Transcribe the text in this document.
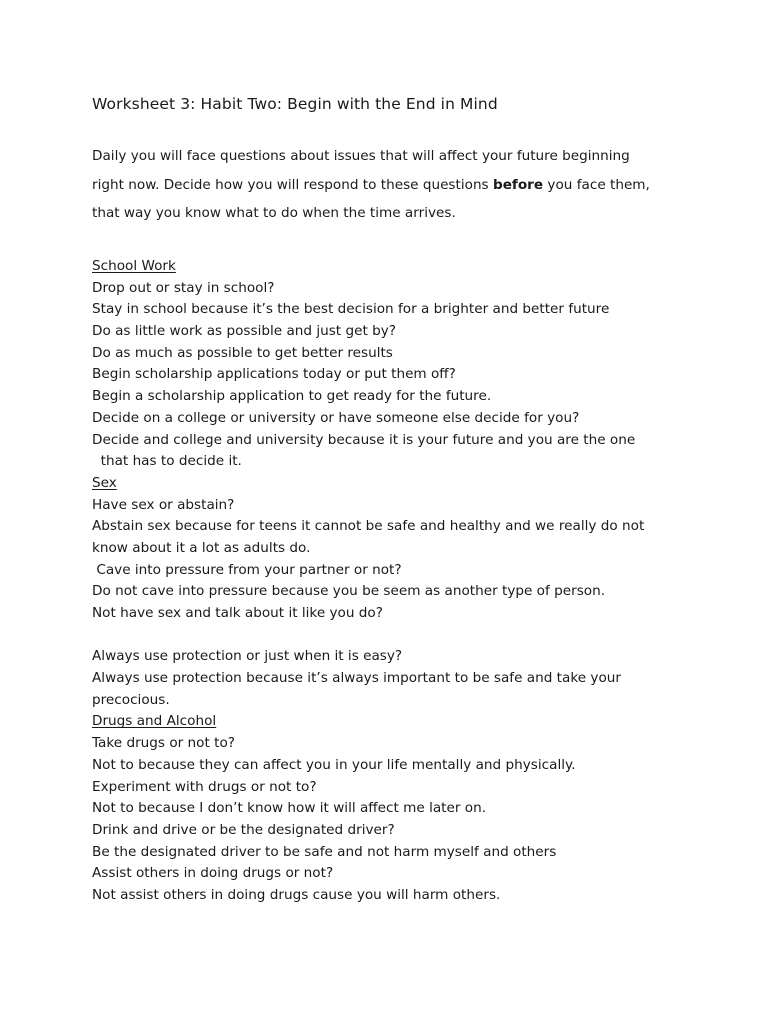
Worksheet 3: Habit Two: Begin with the End in Mind
Daily you will face questions about issues that will affect your future beginning
right now. Decide how you will respond to these questions before you face them,
that way you know what to do when the time arrives.
School Work
Drop out or stay in school?
Stay in school because it’s the best decision for a brighter and better future
Do as little work as possible and just get by?
Do as much as possible to get better results
Begin scholarship applications today or put them off?
Begin a scholarship application to get ready for the future.
Decide on a college or university or have someone else decide for you?
Decide and college and university because it is your future and you are the one
that has to decide it.
Sex
Have sex or abstain?
Abstain sex because for teens it cannot be safe and healthy and we really do not
know about it a lot as adults do.
Cave into pressure from your partner or not?
Do not cave into pressure because you be seem as another type of person.
Not have sex and talk about it like you do?
Always use protection or just when it is easy?
Always use protection because it’s always important to be safe and take your
precocious.
Drugs and Alcohol
Take drugs or not to?
Not to because they can affect you in your life mentally and physically.
Experiment with drugs or not to?
Not to because I don’t know how it will affect me later on.
Drink and drive or be the designated driver?
Be the designated driver to be safe and not harm myself and others
Assist others in doing drugs or not?
Not assist others in doing drugs cause you will harm others.
